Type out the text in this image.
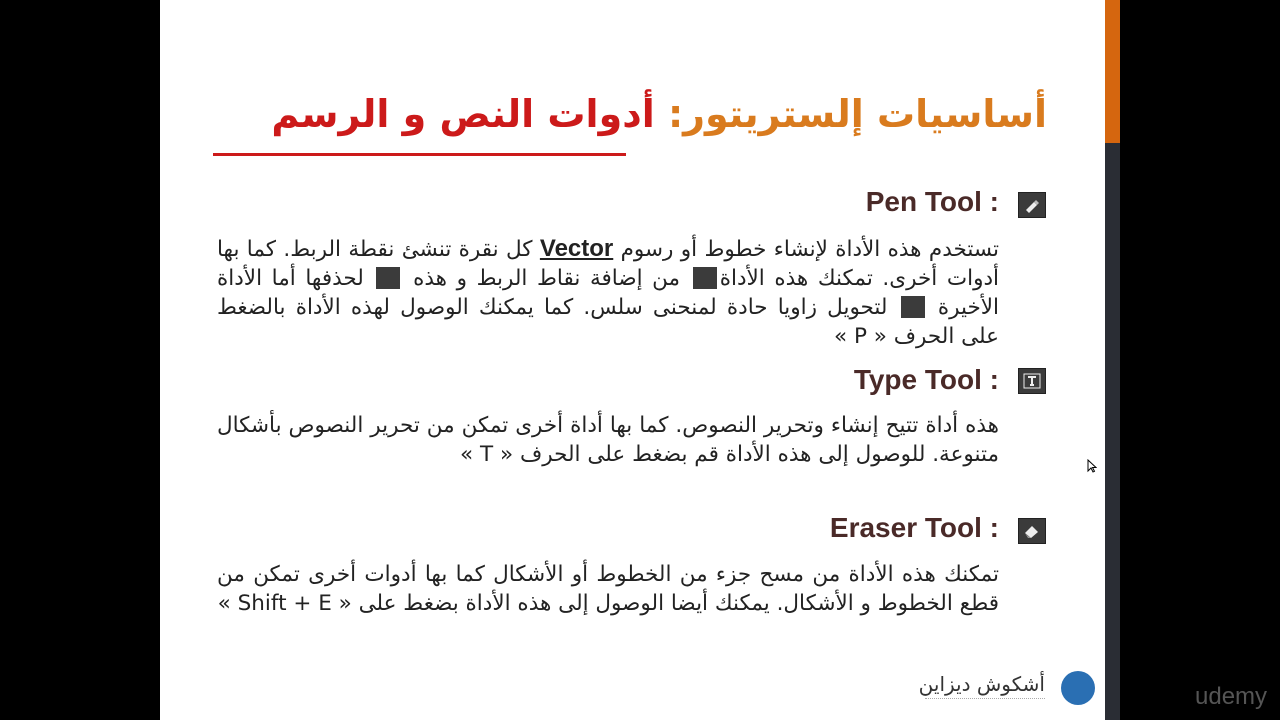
أساسيات إلستريتور: أدوات النص و الرسم
Pen Tool :
تستخدم هذه الأداة لإنشاء خطوط أو رسوم Vector كل نقرة تنشئ نقطة الربط. كما بها أدوات أخرى. تمكنك هذه الأداة من إضافة نقاط الربط و هذه  لحذفها أما الأداة الأخيرة  لتحويل زاويا حادة لمنحنى سلس. كما يمكنك الوصول لهذه الأداة بالضغط على الحرف « P »
Type Tool :
هذه أداة تتيح إنشاء وتحرير النصوص. كما بها أداة أخرى تمكن من تحرير النصوص بأشكال متنوعة. للوصول إلى هذه الأداة قم بضغط على الحرف « T »
Eraser Tool :
تمكنك هذه الأداة من مسح جزء من الخطوط أو الأشكال كما بها أدوات أخرى تمكن من قطع الخطوط و الأشكال. يمكنك أيضا الوصول إلى هذه الأداة بضغط على « Shift + E »
أشكوش ديزاين	udemy
